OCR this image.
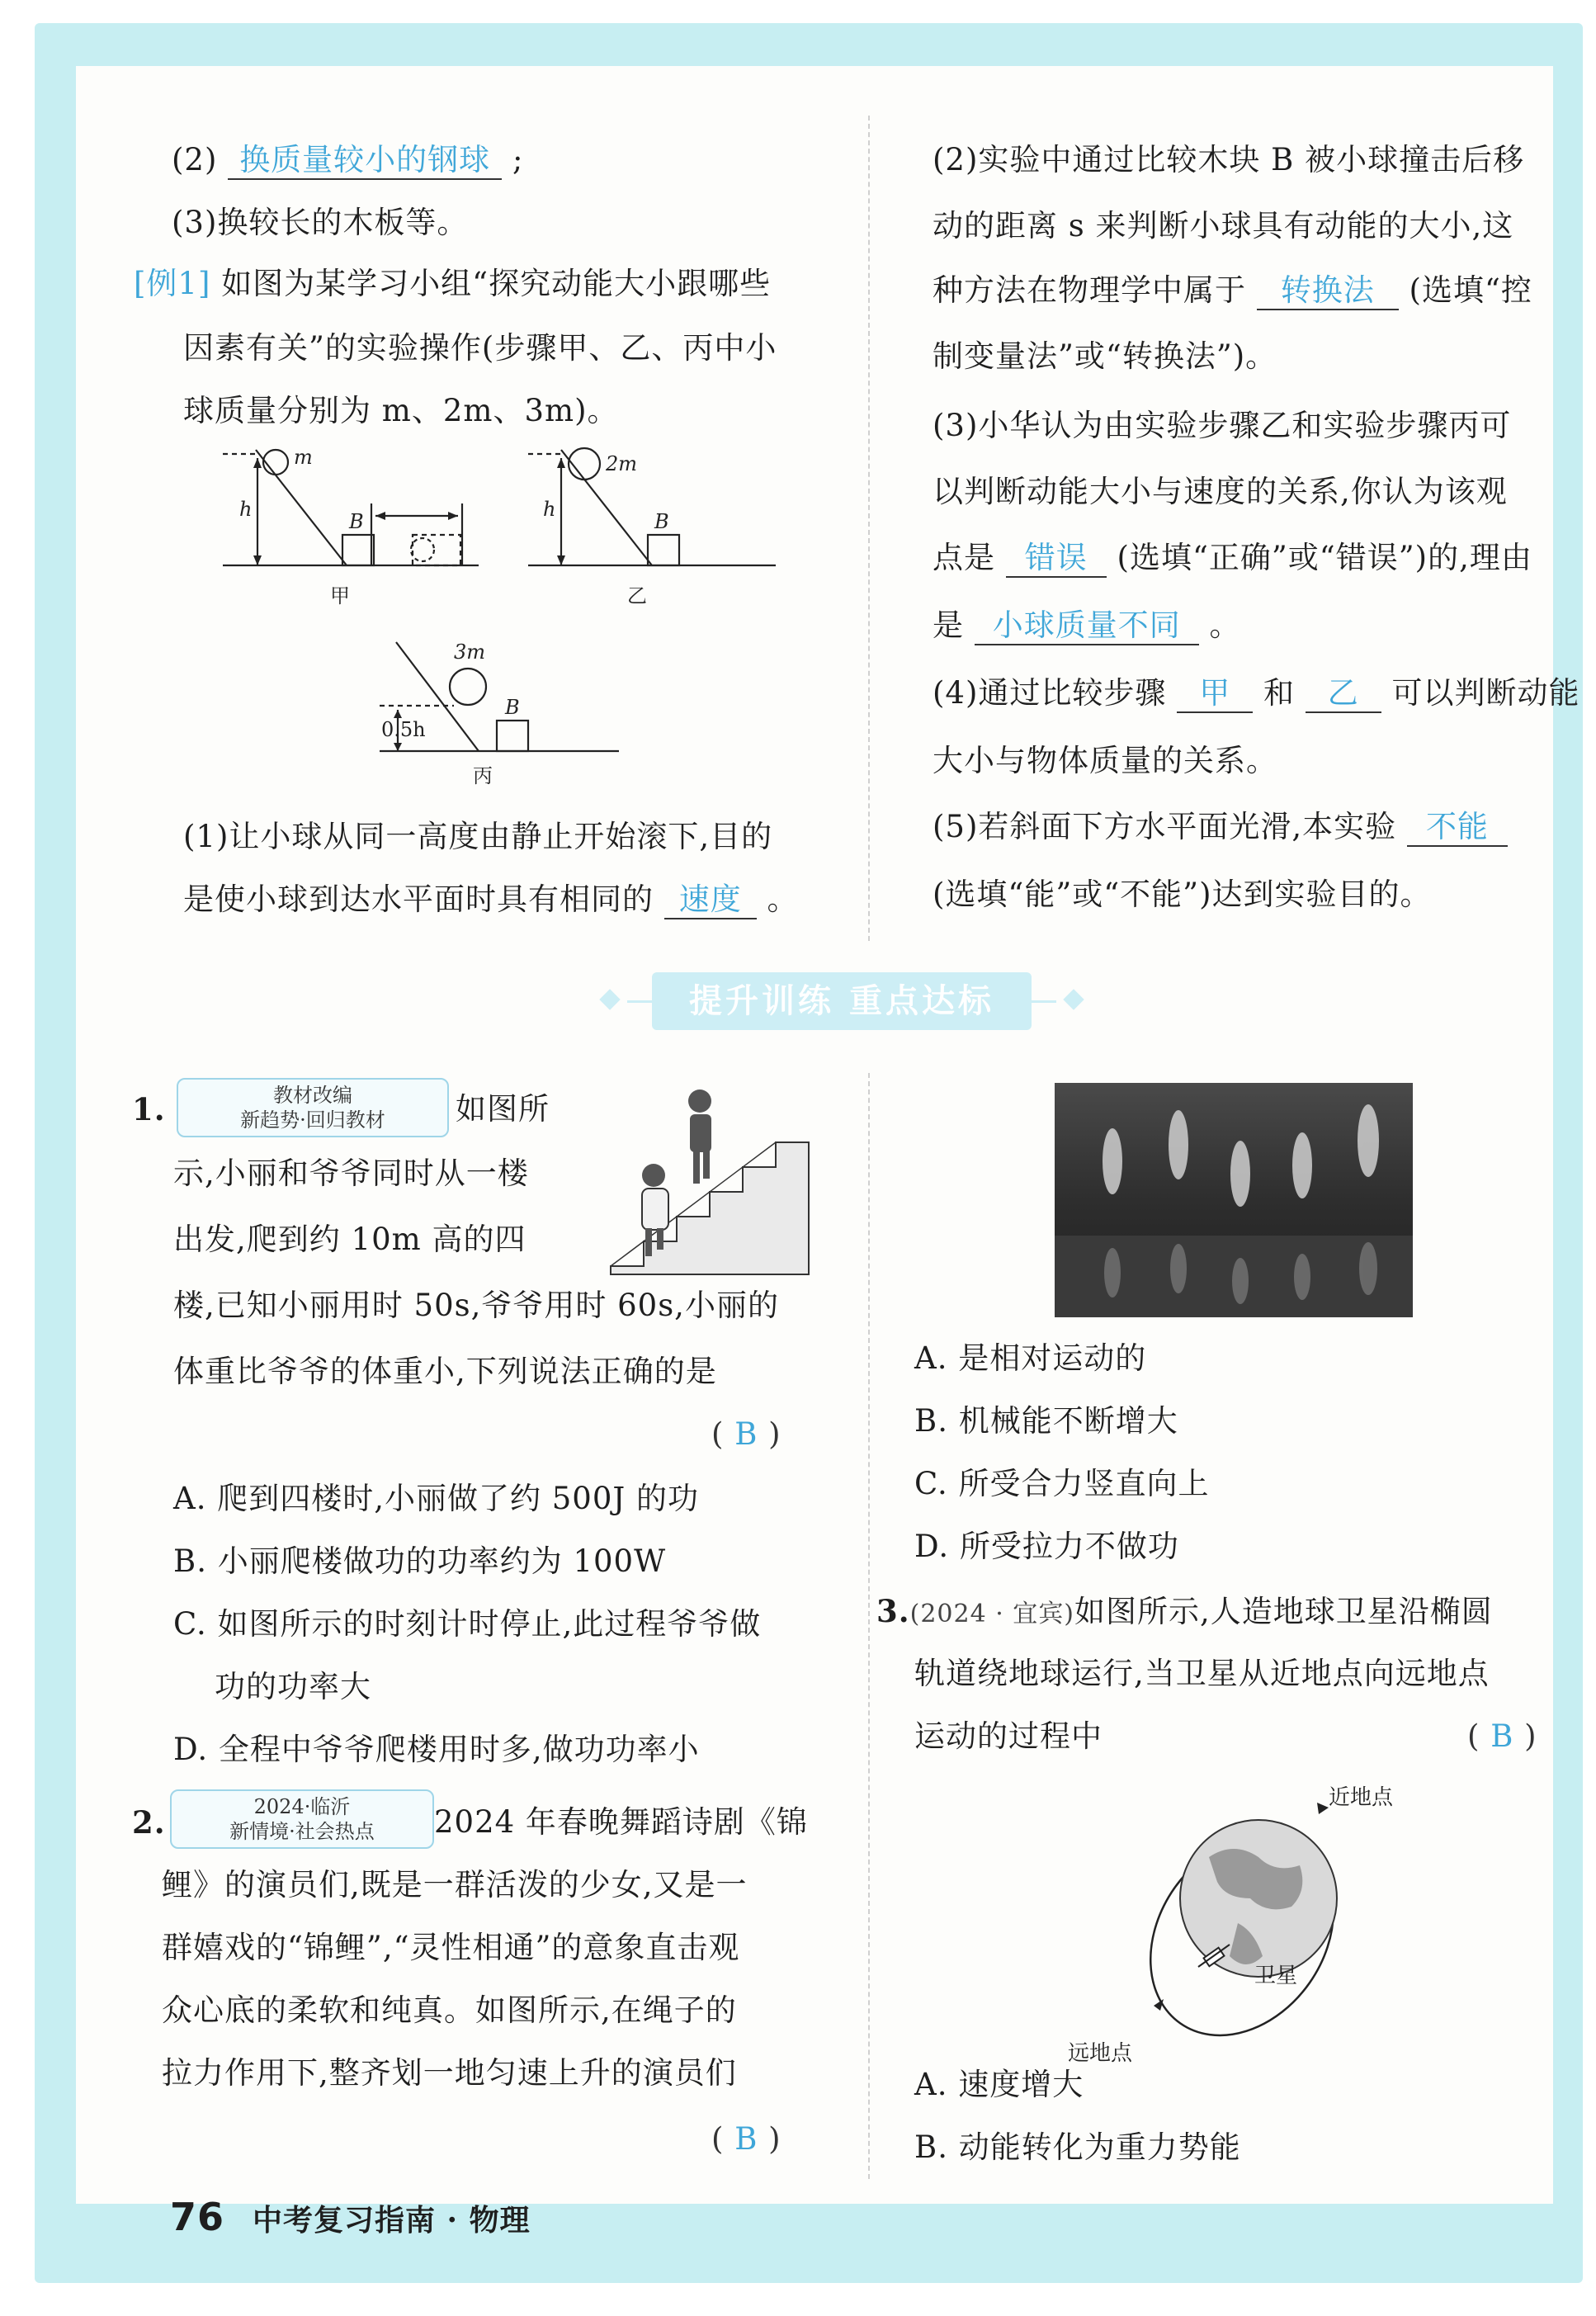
(2) 换质量较小的钢球 ;
(3)换较长的木板等。
[例1] 如图为某学习小组“探究动能大小跟哪些
因素有关”的实验操作(步骤甲、乙、丙中小
球质量分别为 m、2m、3m)。
m
h
B
甲
2m
h
B
乙
3m
0.5h
B
丙
(1)让小球从同一高度由静止开始滚下,目的
是使小球到达水平面时具有相同的 速度 。
(2)实验中通过比较木块 B 被小球撞击后移
动的距离 s 来判断小球具有动能的大小,这
种方法在物理学中属于 转换法 (选填“控
制变量法”或“转换法”)。
(3)小华认为由实验步骤乙和实验步骤丙可
以判断动能大小与速度的关系,你认为该观
点是 错误 (选填“正确”或“错误”)的,理由
是 小球质量不同 。
(4)通过比较步骤 甲 和 乙 可以判断动能
大小与物体质量的关系。
(5)若斜面下方水平面光滑,本实验 不能
(选填“能”或“不能”)达到实验目的。
提升训练 重点达标
1.	教材改编
新趋势·回归教材	如图所
示,小丽和爷爷同时从一楼
出发,爬到约 10m 高的四
楼,已知小丽用时 50s,爷爷用时 60s,小丽的
体重比爷爷的体重小,下列说法正确的是
( B )
A. 爬到四楼时,小丽做了约 500J 的功
B. 小丽爬楼做功的功率约为 100W
C. 如图所示的时刻计时停止,此过程爷爷做
功的功率大
D. 全程中爷爷爬楼用时多,做功功率小
2.	2024·临沂
新情境·社会热点	2024 年春晚舞蹈诗剧《锦
鲤》的演员们,既是一群活泼的少女,又是一
群嬉戏的“锦鲤”,“灵性相通”的意象直击观
众心底的柔软和纯真。如图所示,在绳子的
拉力作用下,整齐划一地匀速上升的演员们
( B )
A. 是相对运动的
B. 机械能不断增大
C. 所受合力竖直向上
D. 所受拉力不做功
3.(2024 · 宜宾)如图所示,人造地球卫星沿椭圆
轨道绕地球运行,当卫星从近地点向远地点
运动的过程中	( B )
近地点
远地点
卫星
A. 速度增大
B. 动能转化为重力势能
76 中考复习指南 · 物理
